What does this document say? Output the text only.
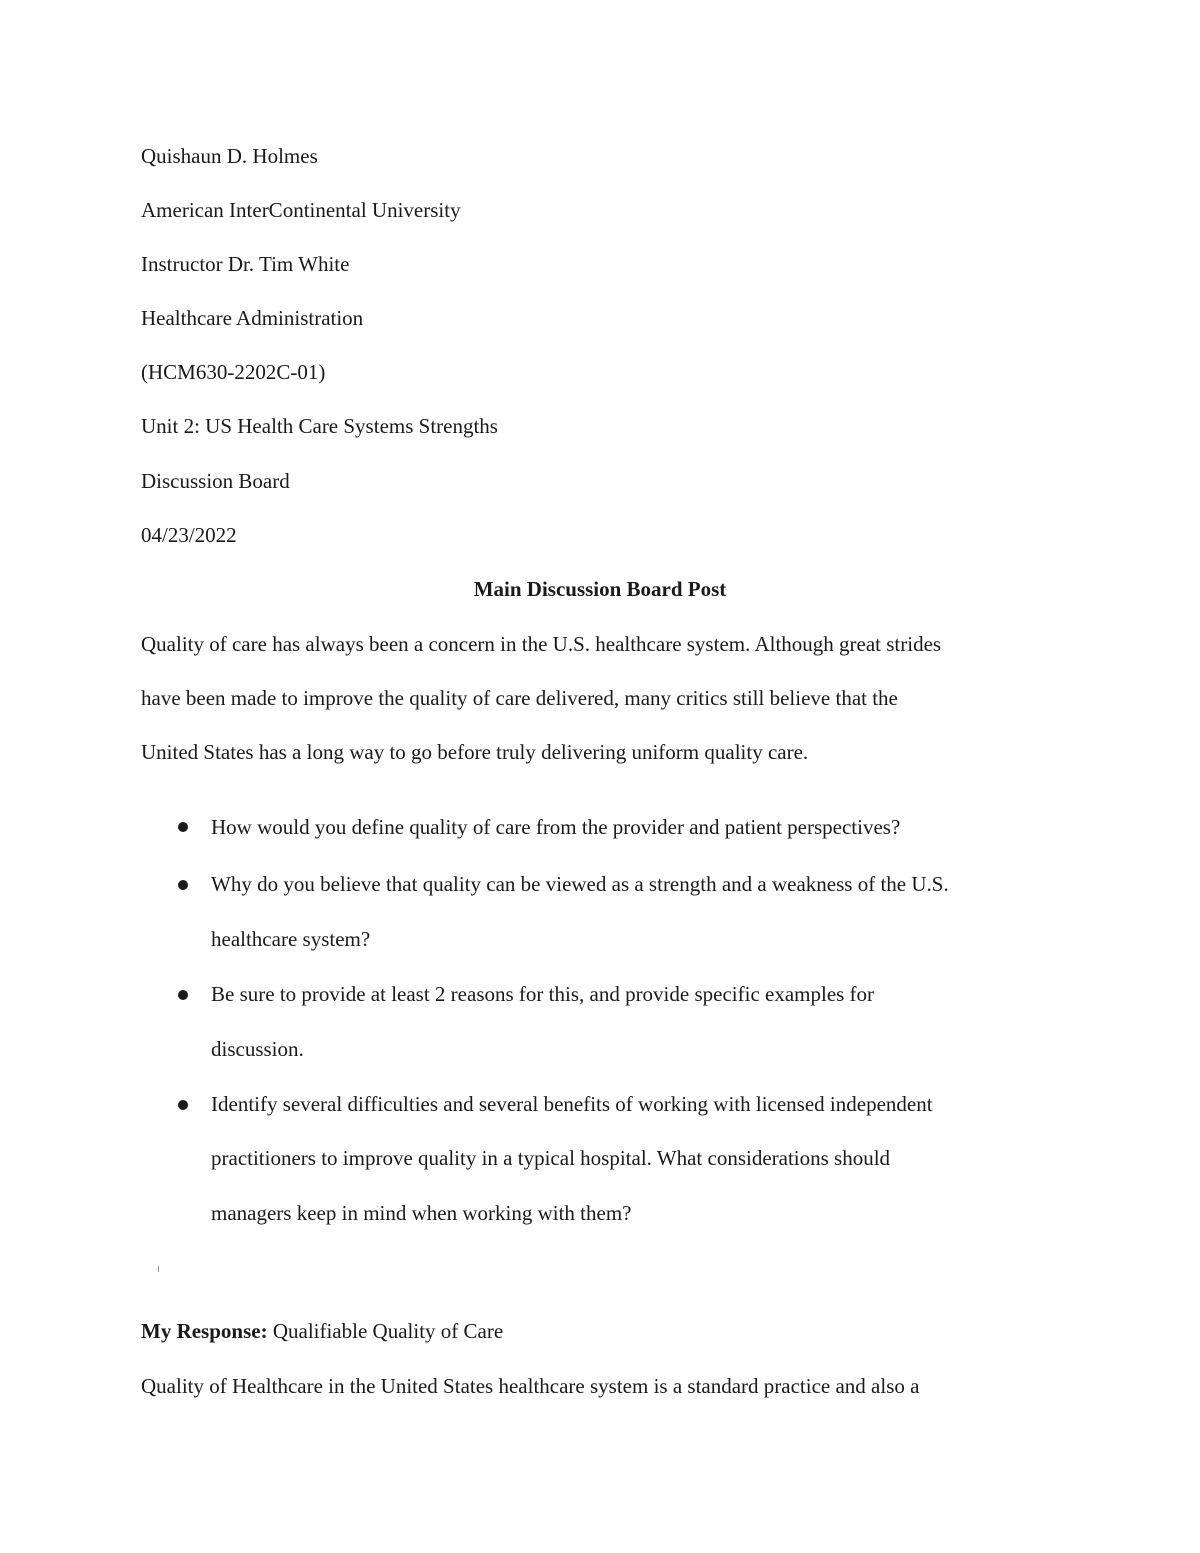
Quishaun D. Holmes
American InterContinental University
Instructor Dr. Tim White
Healthcare Administration
(HCM630-2202C-01)
Unit 2: US Health Care Systems Strengths
Discussion Board
04/23/2022
Main Discussion Board Post
Quality of care has always been a concern in the U.S. healthcare system. Although great strides
have been made to improve the quality of care delivered, many critics still believe that the
United States has a long way to go before truly delivering uniform quality care.
How would you define quality of care from the provider and patient perspectives?
Why do you believe that quality can be viewed as a strength and a weakness of the U.S.
healthcare system?
Be sure to provide at least 2 reasons for this, and provide specific examples for
discussion.
Identify several difficulties and several benefits of working with licensed independent
practitioners to improve quality in a typical hospital. What considerations should
managers keep in mind when working with them?
My Response: Qualifiable Quality of Care
Quality of Healthcare in the United States healthcare system is a standard practice and also a
